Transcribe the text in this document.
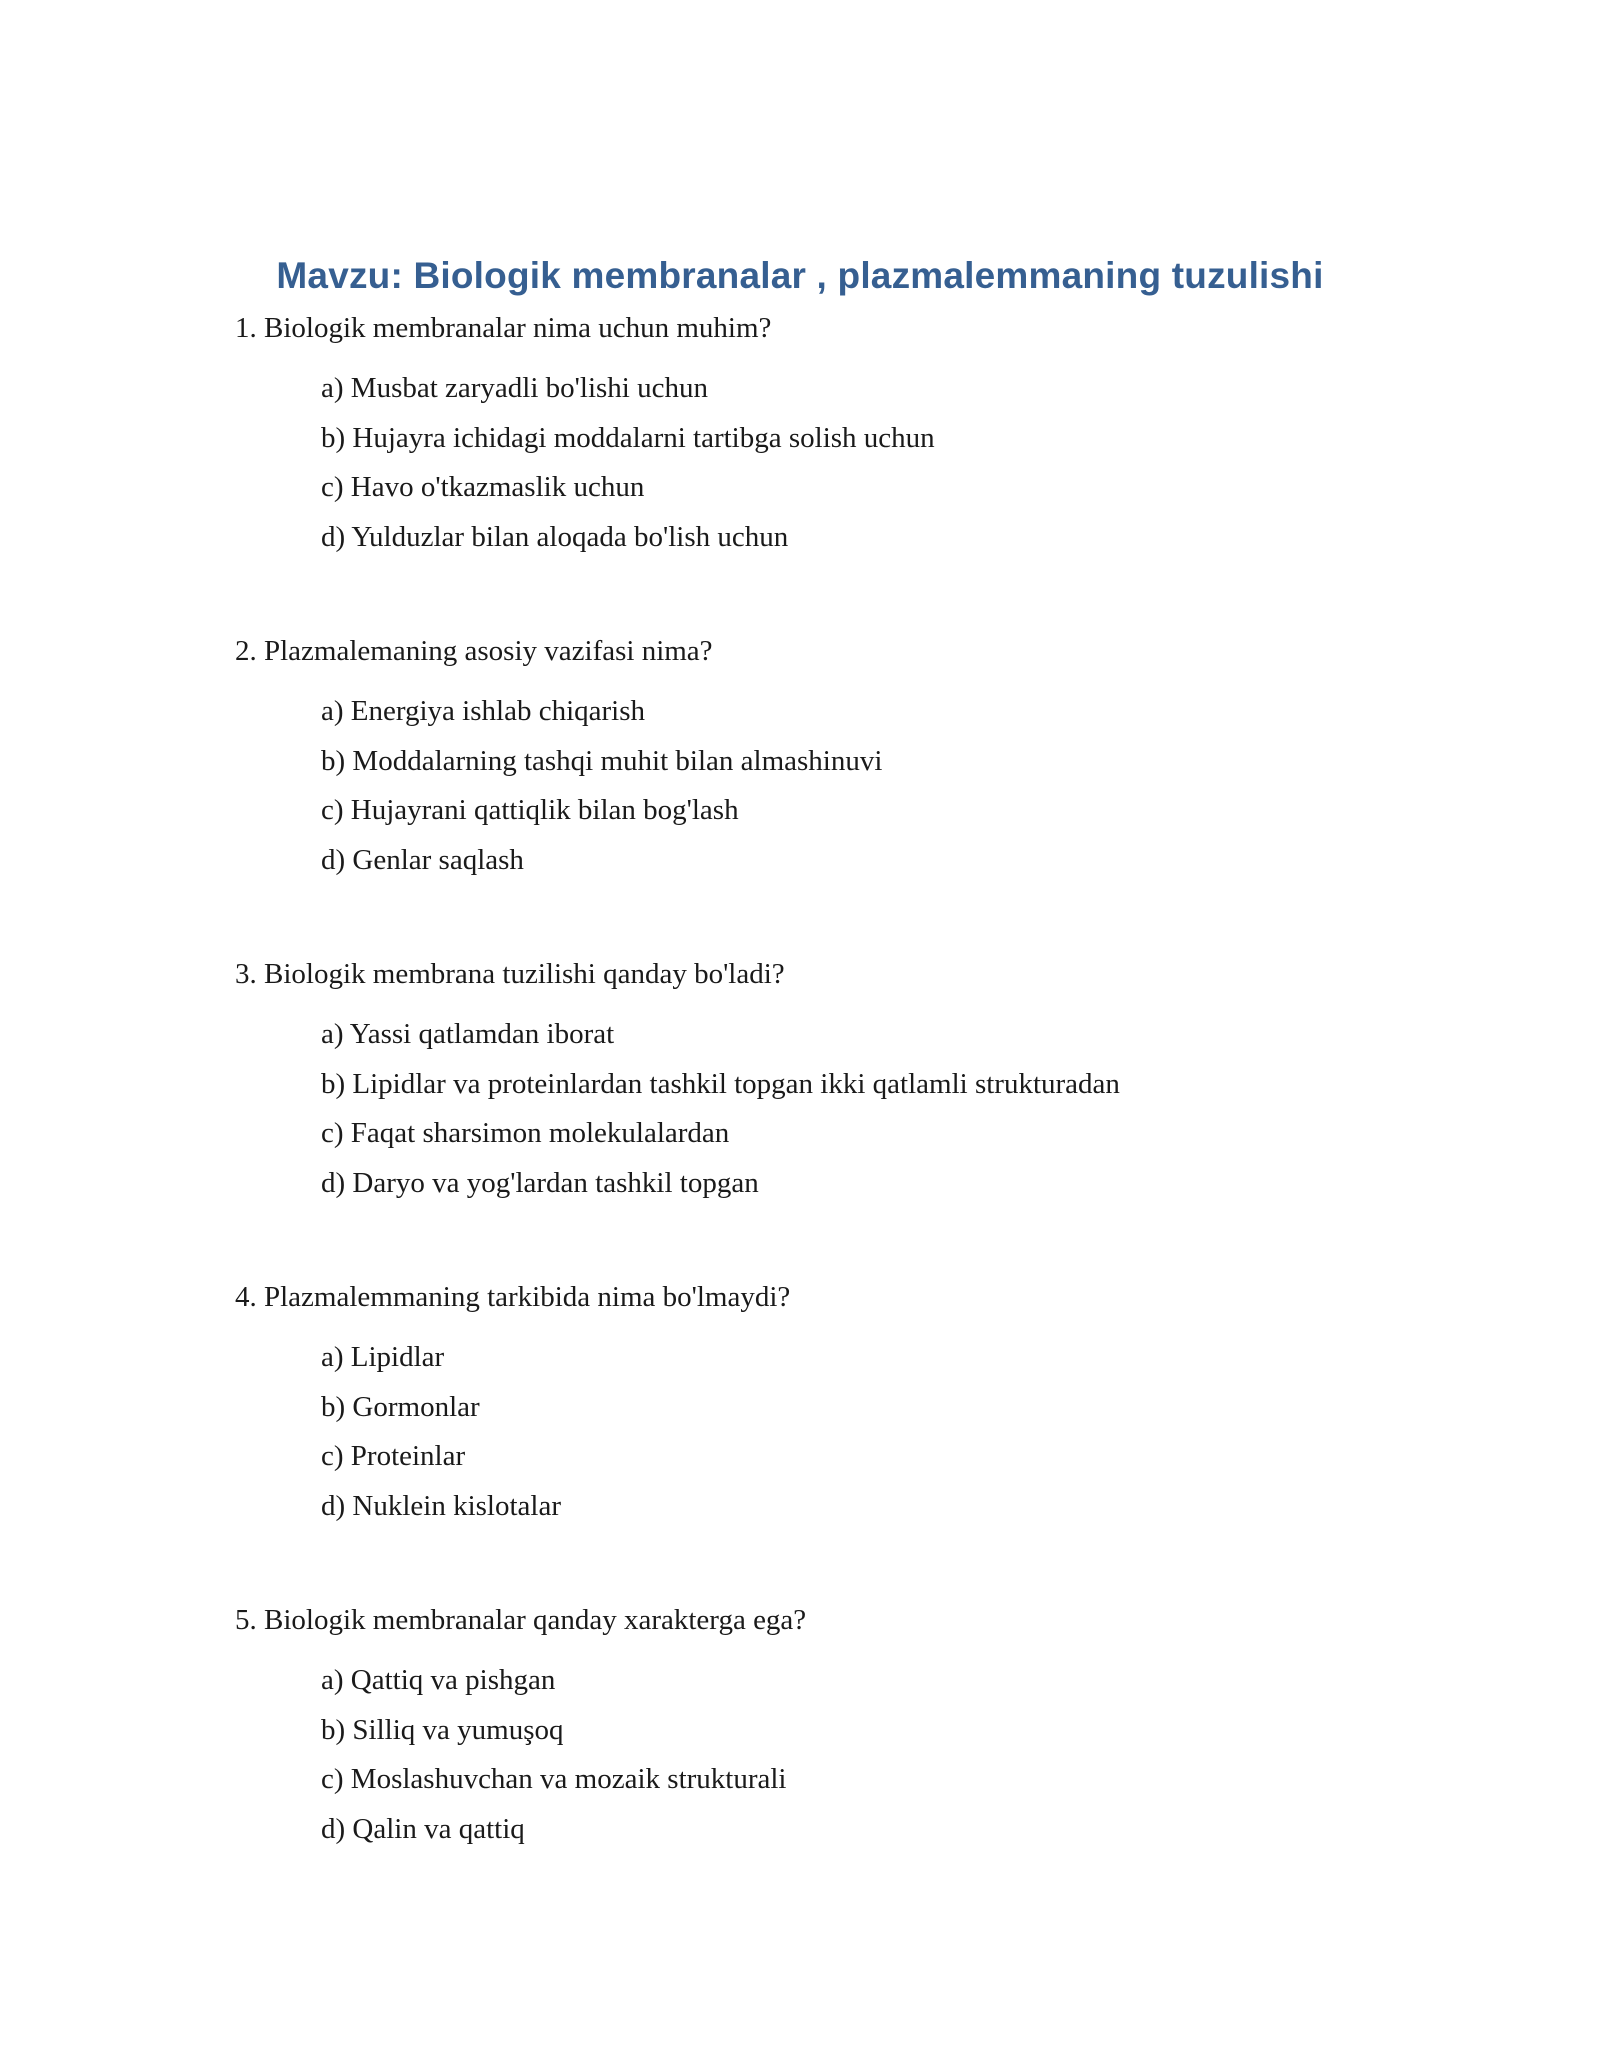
Mavzu: Biologik membranalar , plazmalemmaning tuzulishi

1. Biologik membranalar nima uchun muhim?

a) Musbat zaryadli bo'lishi uchun
b) Hujayra ichidagi moddalarni tartibga solish uchun
c) Havo o'tkazmaslik uchun
d) Yulduzlar bilan aloqada bo'lish uchun

2. Plazmalemaning asosiy vazifasi nima?

a) Energiya ishlab chiqarish
b) Moddalarning tashqi muhit bilan almashinuvi
c) Hujayrani qattiqlik bilan bog'lash
d) Genlar saqlash

3. Biologik membrana tuzilishi qanday bo'ladi?

a) Yassi qatlamdan iborat
b) Lipidlar va proteinlardan tashkil topgan ikki qatlamli strukturadan
c) Faqat sharsimon molekulalardan
d) Daryo va yog'lardan tashkil topgan

4. Plazmalemmaning tarkibida nima bo'lmaydi?

a) Lipidlar
b) Gormonlar
c) Proteinlar
d) Nuklein kislotalar

5. Biologik membranalar qanday xarakterga ega?

a) Qattiq va pishgan
b) Silliq va yumuşoq
c) Moslashuvchan va mozaik strukturali
d) Qalin va qattiq
